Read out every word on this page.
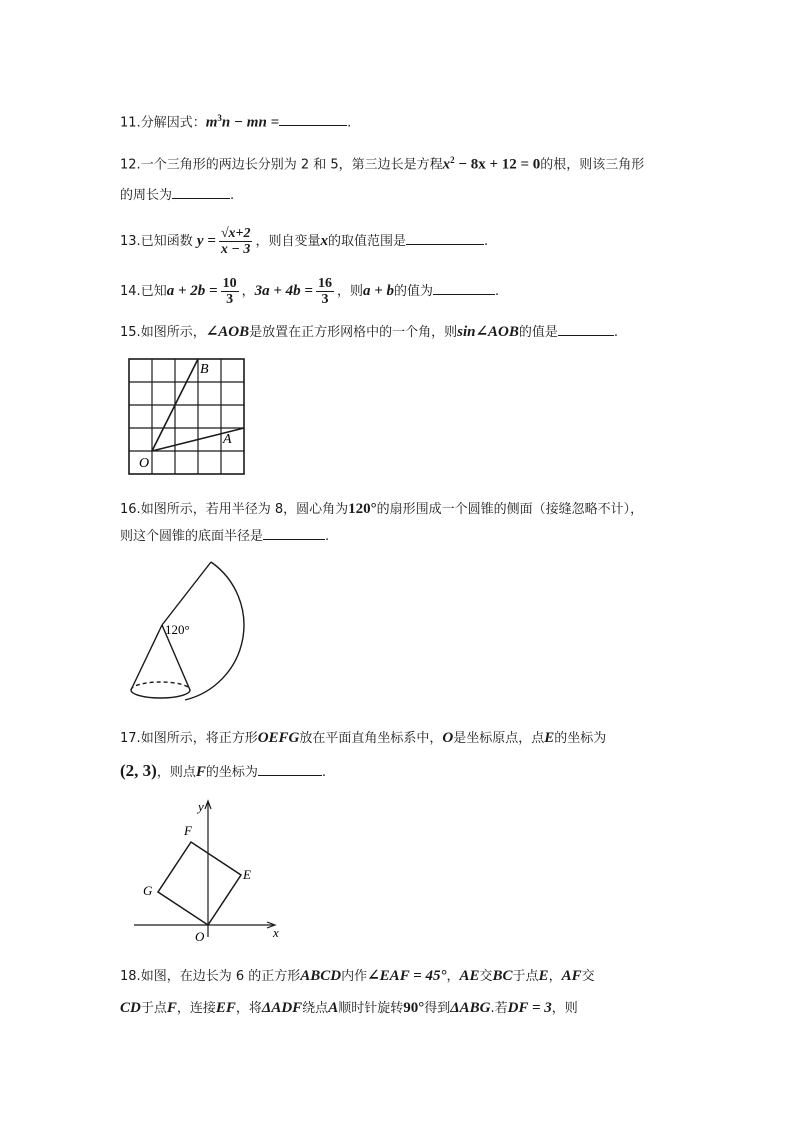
11.分解因式：$m^3n$ − mn =	.
12.一个三角形的两边长分别为 2 和 5，第三边长是方程$x^2 - 8x + 12 = 0$的根，则该三角形
的周长为	.
13.已知函数 $y = \frac{√x+2}{x - 3}$ ，则自变量x的取值范围是	.
14.已知$a + 2b = \frac{10}{3}$ ，$3a + 4b = \frac{16}{3}$ ，则a + b的值为	.
15.如图所示，∠AOB是放置在正方形网格中的一个角，则sin∠AOB的值是	.
B
A
O
16.如图所示，若用半径为 8，圆心角为120°的扇形围成一个圆锥的侧面（接缝忽略不计），
则这个圆锥的底面半径是	.
120°
17.如图所示，将正方形OEFG放在平面直角坐标系中，O是坐标原点，点E的坐标为
(2, 3)，则点F的坐标为	.
y
x
F
E
G
O
18.如图，在边长为 6 的正方形ABCD内作∠EAF = 45°，AE交BC于点E，AF交
CD于点F，连接EF，将ΔADF绕点A顺时针旋转90°得到ΔABG.若DF = 3，则
